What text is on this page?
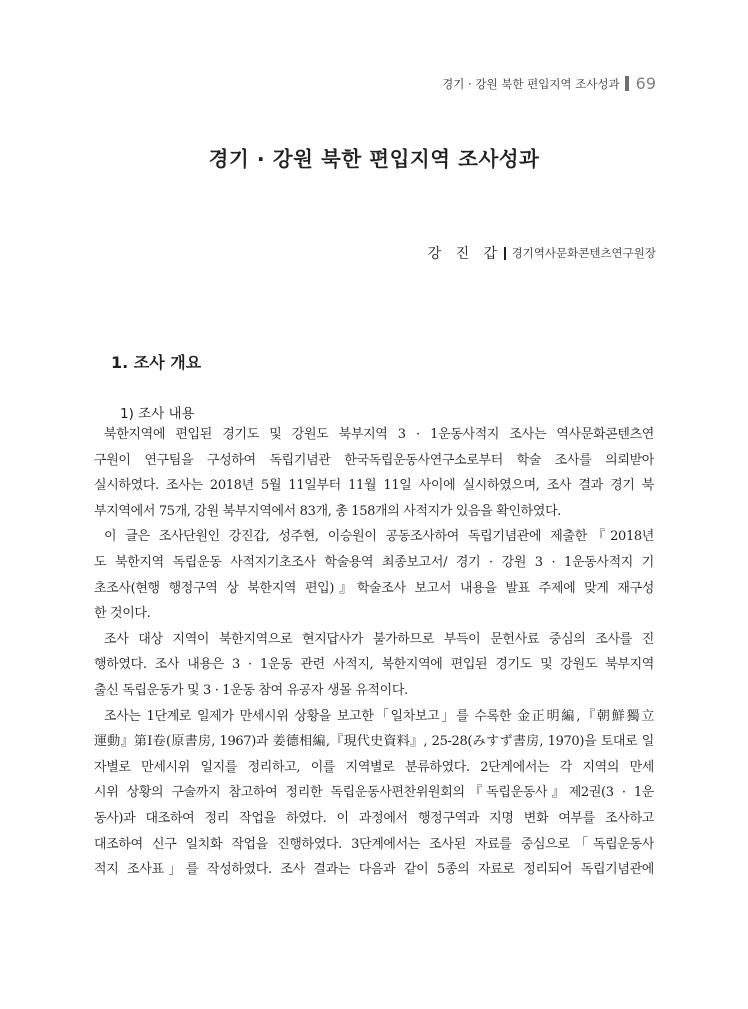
경기 · 강원 북한 편입지역 조사성과 69
경기 · 강원 북한 편입지역 조사성과
강 진 갑 경기역사문화콘텐츠연구원장
1. 조사 개요
1) 조사 내용
북한지역에 편입된 경기도 및 강원도 북부지역 3 · 1운동사적지 조사는 역사문화콘텐츠연
구원이 연구팀을 구성하여 독립기념관 한국독립운동사연구소로부터 학술 조사를 의뢰받아
실시하였다. 조사는 2018년 5월 11일부터 11월 11일 사이에 실시하였으며, 조사 결과 경기 북
부지역에서 75개, 강원 북부지역에서 83개, 총 158개의 사적지가 있음을 확인하였다.
이 글은 조사단원인 강진갑, 성주현, 이승원이 공동조사하여 독립기념관에 제출한『2018년
도 북한지역 독립운동 사적지기초조사 학술용역 최종보고서/ 경기 · 강원 3 · 1운동사적지 기
초조사(현행 행정구역 상 북한지역 편입)』학술조사 보고서 내용을 발표 주제에 맞게 재구성
한 것이다.
조사 대상 지역이 북한지역으로 현지답사가 불가하므로 부득이 문헌사료 중심의 조사를 진
행하였다. 조사 내용은 3 · 1운동 관련 사적지, 북한지역에 편입된 경기도 및 강원도 북부지역
출신 독립운동가 및 3 · 1운동 참여 유공자 생몰 유적이다.
조사는 1단계로 일제가 만세시위 상황을 보고한「일차보고」를 수록한 金正明編,『朝鮮獨立
運動』第Ⅰ卷(原書房, 1967)과 姜德相編,『現代史資料』, 25-28(みすず書房, 1970)을 토대로 일
자별로 만세시위 일지를 정리하고, 이를 지역별로 분류하였다. 2단계에서는 각 지역의 만세
시위 상황의 구술까지 참고하여 정리한 독립운동사편찬위원회의『독립운동사』제2권(3 · 1운
동사)과 대조하여 정리 작업을 하였다. 이 과정에서 행정구역과 지명 변화 여부를 조사하고
대조하여 신구 일치화 작업을 진행하였다. 3단계에서는 조사된 자료를 중심으로「독립운동사
적지 조사표」를 작성하였다. 조사 결과는 다음과 같이 5종의 자료로 정리되어 독립기념관에
